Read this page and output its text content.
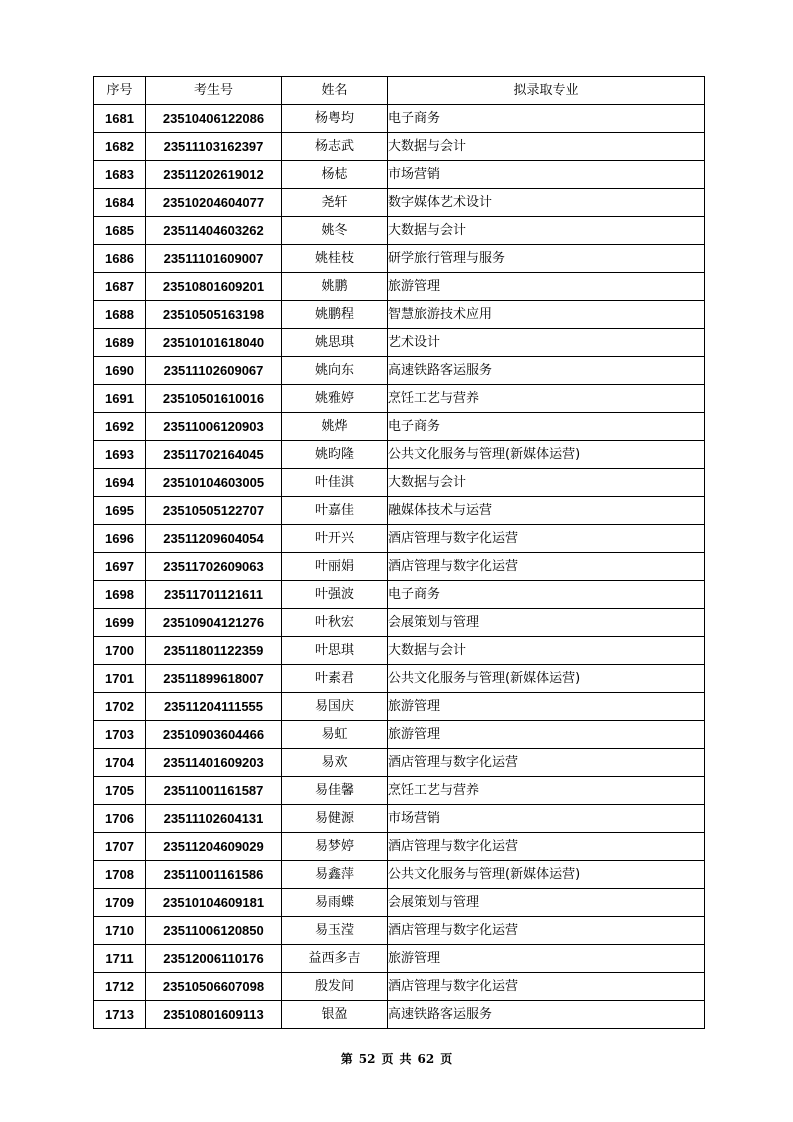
序号	考生号	姓名	拟录取专业
1681	23510406122086	杨粤均	电子商务
1682	23511103162397	杨志武	大数据与会计
1683	23511202619012	杨梽	市场营销
1684	23510204604077	尧轩	数字媒体艺术设计
1685	23511404603262	姚冬	大数据与会计
1686	23511101609007	姚桂枝	研学旅行管理与服务
1687	23510801609201	姚鹏	旅游管理
1688	23510505163198	姚鹏程	智慧旅游技术应用
1689	23510101618040	姚思琪	艺术设计
1690	23511102609067	姚向东	高速铁路客运服务
1691	23510501610016	姚雅婷	烹饪工艺与营养
1692	23511006120903	姚烨	电子商务
1693	23511702164045	姚昀隆	公共文化服务与管理(新媒体运营)
1694	23510104603005	叶佳淇	大数据与会计
1695	23510505122707	叶嘉佳	融媒体技术与运营
1696	23511209604054	叶开兴	酒店管理与数字化运营
1697	23511702609063	叶丽娟	酒店管理与数字化运营
1698	23511701121611	叶强波	电子商务
1699	23510904121276	叶秋宏	会展策划与管理
1700	23511801122359	叶思琪	大数据与会计
1701	23511899618007	叶素君	公共文化服务与管理(新媒体运营)
1702	23511204111555	易国庆	旅游管理
1703	23510903604466	易虹	旅游管理
1704	23511401609203	易欢	酒店管理与数字化运营
1705	23511001161587	易佳馨	烹饪工艺与营养
1706	23511102604131	易健源	市场营销
1707	23511204609029	易梦婷	酒店管理与数字化运营
1708	23511001161586	易鑫萍	公共文化服务与管理(新媒体运营)
1709	23510104609181	易雨蝶	会展策划与管理
1710	23511006120850	易玉滢	酒店管理与数字化运营
1711	23512006110176	益西多吉	旅游管理
1712	23510506607098	殷发间	酒店管理与数字化运营
1713	23510801609113	银盈	高速铁路客运服务
第 52 页 共 62 页
